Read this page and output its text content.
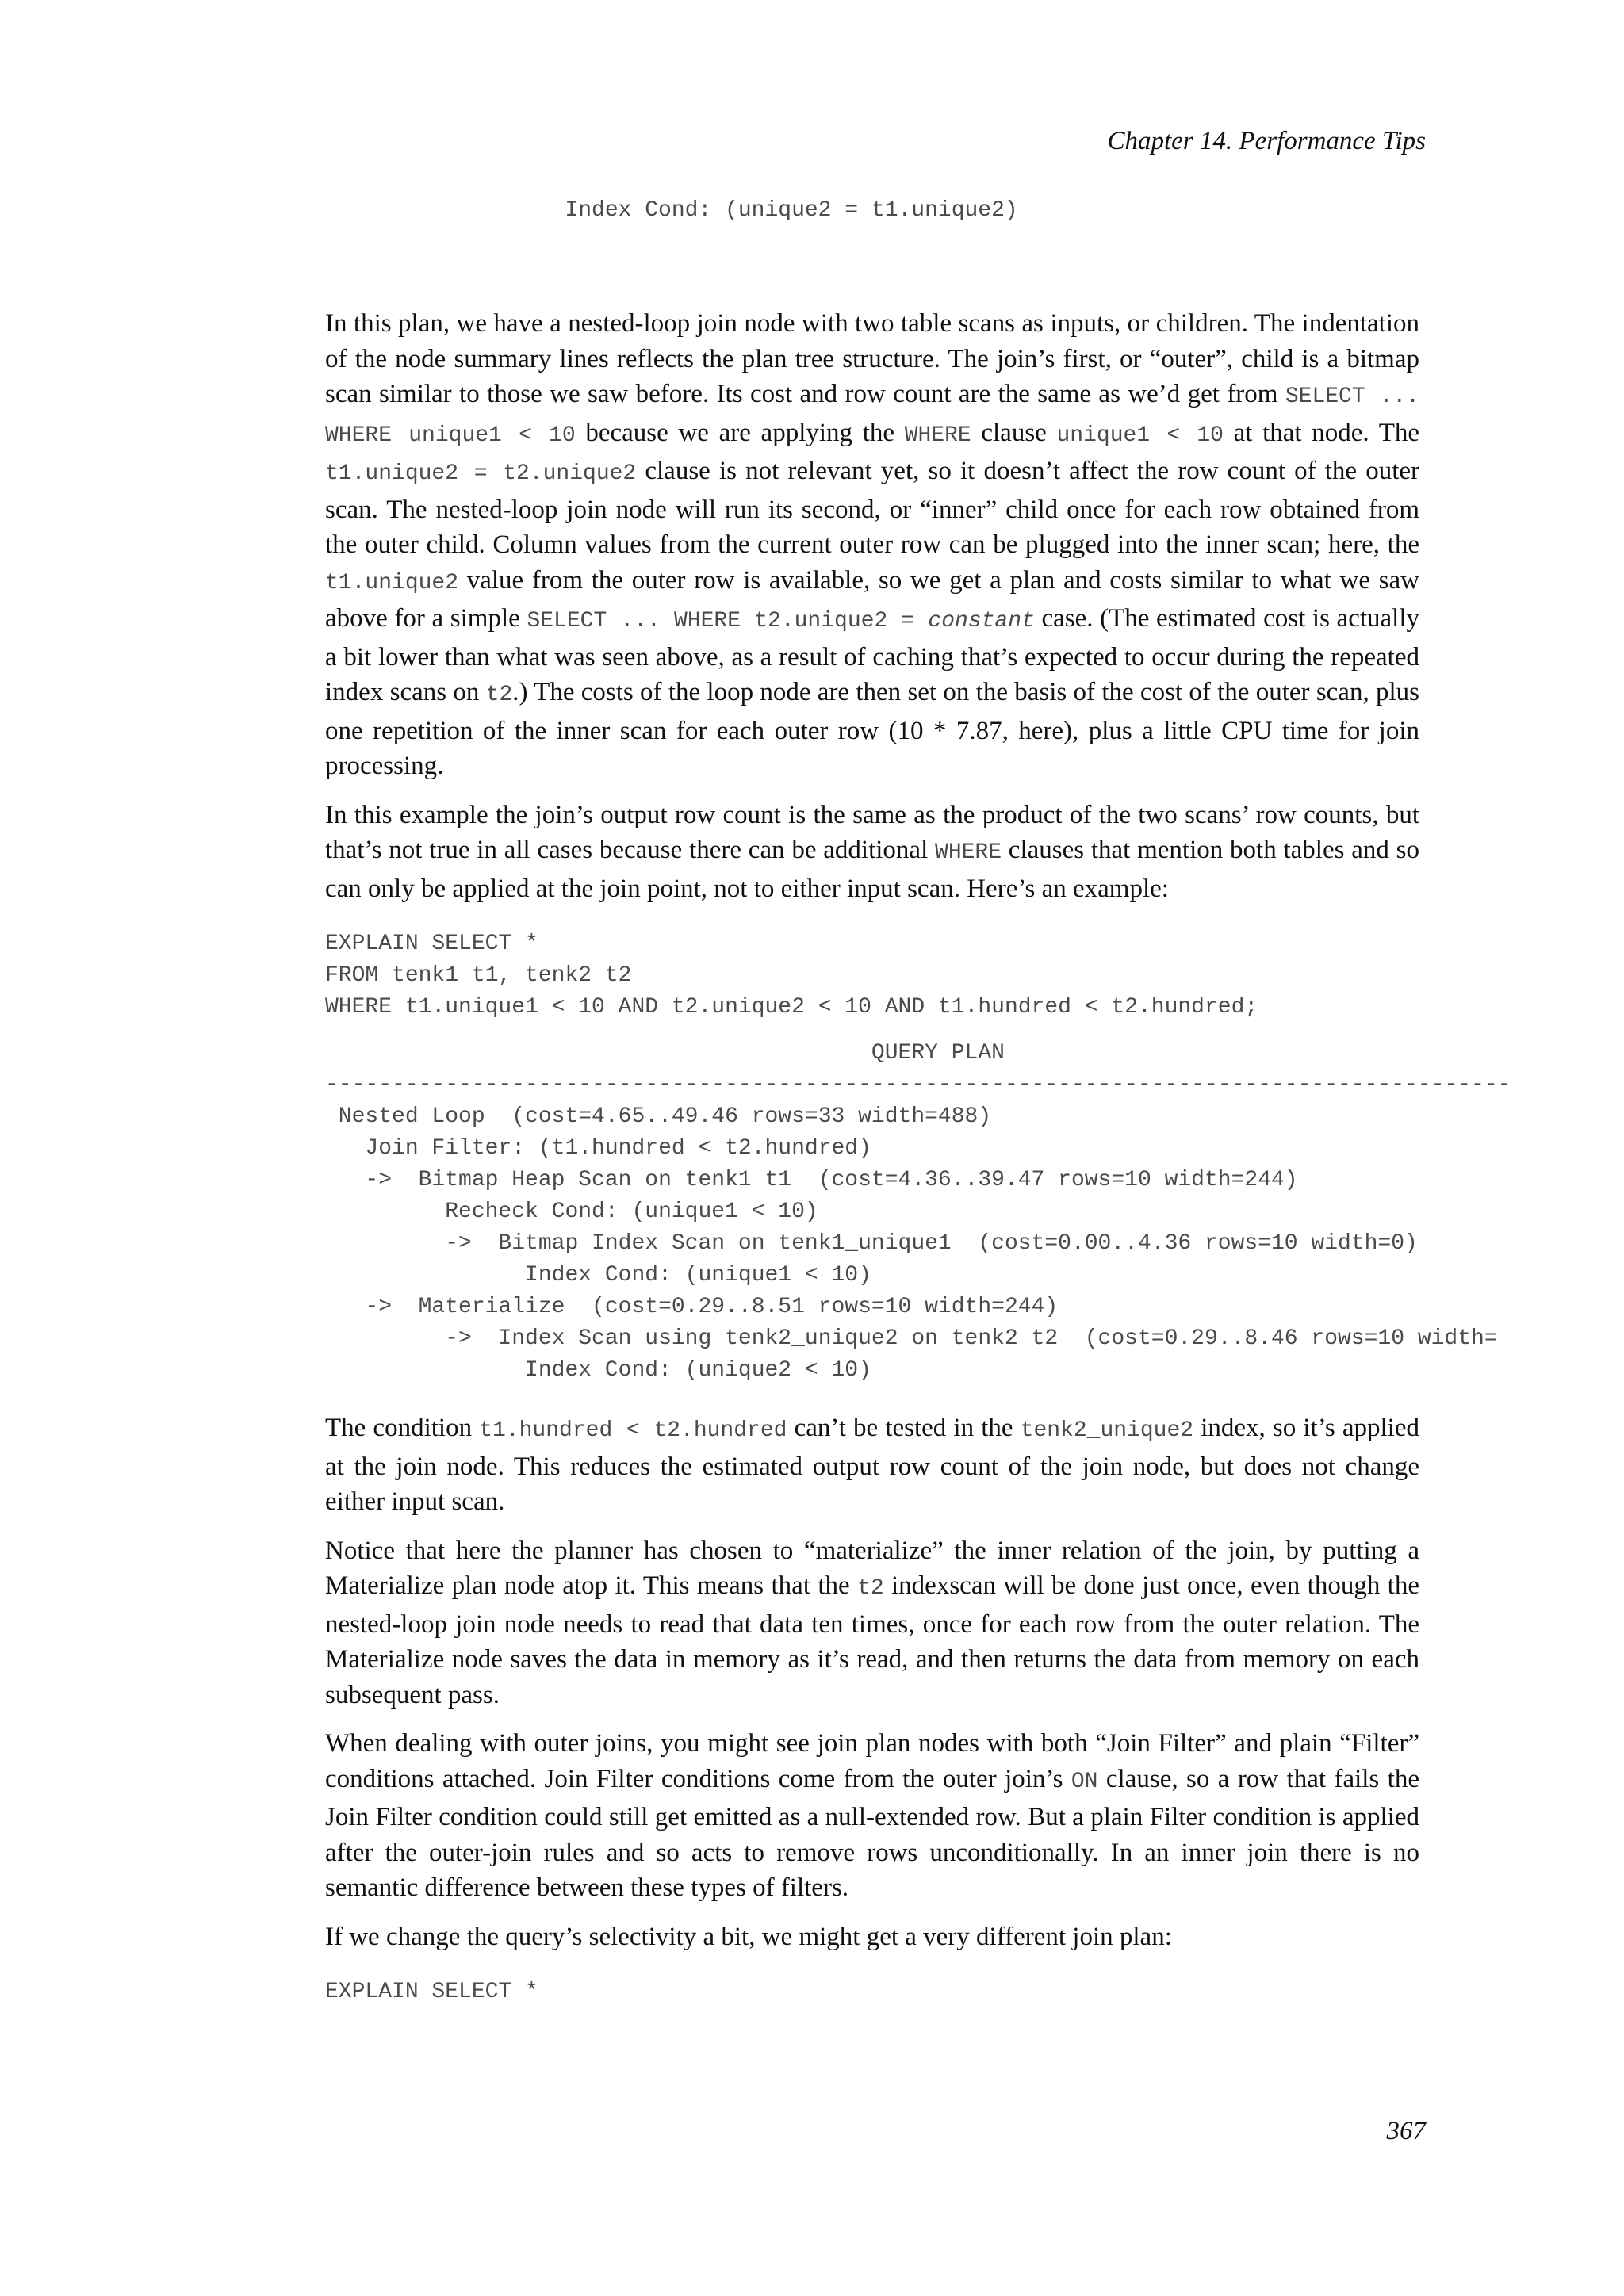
Chapter 14. Performance Tips
Index Cond: (unique2 = t1.unique2)

In this plan, we have a nested-loop join node with two table scans as inputs, or children. The indentation of the node summary lines reflects the plan tree structure. The join’s first, or “outer”, child is a bitmap scan similar to those we saw before. Its cost and row count are the same as we’d get from SELECT ... WHERE unique1 < 10 because we are applying the WHERE clause unique1 < 10 at that node. The t1.unique2 = t2.unique2 clause is not relevant yet, so it doesn’t affect the row count of the outer scan. The nested-loop join node will run its second, or “inner” child once for each row obtained from the outer child. Column values from the current outer row can be plugged into the inner scan; here, the t1.unique2 value from the outer row is available, so we get a plan and costs similar to what we saw above for a simple SELECT ... WHERE t2.unique2 = constant case. (The estimated cost is actually a bit lower than what was seen above, as a result of caching that’s expected to occur during the repeated index scans on t2.) The costs of the loop node are then set on the basis of the cost of the outer scan, plus one repetition of the inner scan for each outer row (10 * 7.87, here), plus a little CPU time for join processing.

In this example the join’s output row count is the same as the product of the two scans’ row counts, but that’s not true in all cases because there can be additional WHERE clauses that mention both tables and so can only be applied at the join point, not to either input scan. Here’s an example:

EXPLAIN SELECT *
FROM tenk1 t1, tenk2 t2
WHERE t1.unique1 < 10 AND t2.unique2 < 10 AND t1.hundred < t2.hundred;
QUERY PLAN
-----------------------------------------------------------------------------------------
Nested Loop  (cost=4.65..49.46 rows=33 width=488)
Join Filter: (t1.hundred < t2.hundred)
->  Bitmap Heap Scan on tenk1 t1  (cost=4.36..39.47 rows=10 width=244)
Recheck Cond: (unique1 < 10)
->  Bitmap Index Scan on tenk1_unique1  (cost=0.00..4.36 rows=10 width=0)
Index Cond: (unique1 < 10)
->  Materialize  (cost=0.29..8.51 rows=10 width=244)
->  Index Scan using tenk2_unique2 on tenk2 t2  (cost=0.29..8.46 rows=10 width=
Index Cond: (unique2 < 10)

The condition t1.hundred < t2.hundred can’t be tested in the tenk2_unique2 index, so it’s applied at the join node. This reduces the estimated output row count of the join node, but does not change either input scan.

Notice that here the planner has chosen to “materialize” the inner relation of the join, by putting a Materialize plan node atop it. This means that the t2 indexscan will be done just once, even though the nested-loop join node needs to read that data ten times, once for each row from the outer relation. The Materialize node saves the data in memory as it’s read, and then returns the data from memory on each subsequent pass.

When dealing with outer joins, you might see join plan nodes with both “Join Filter” and plain “Filter” conditions attached. Join Filter conditions come from the outer join’s ON clause, so a row that fails the Join Filter condition could still get emitted as a null-extended row. But a plain Filter condition is applied after the outer-join rules and so acts to remove rows unconditionally. In an inner join there is no semantic difference between these types of filters.

If we change the query’s selectivity a bit, we might get a very different join plan:

EXPLAIN SELECT *
367
